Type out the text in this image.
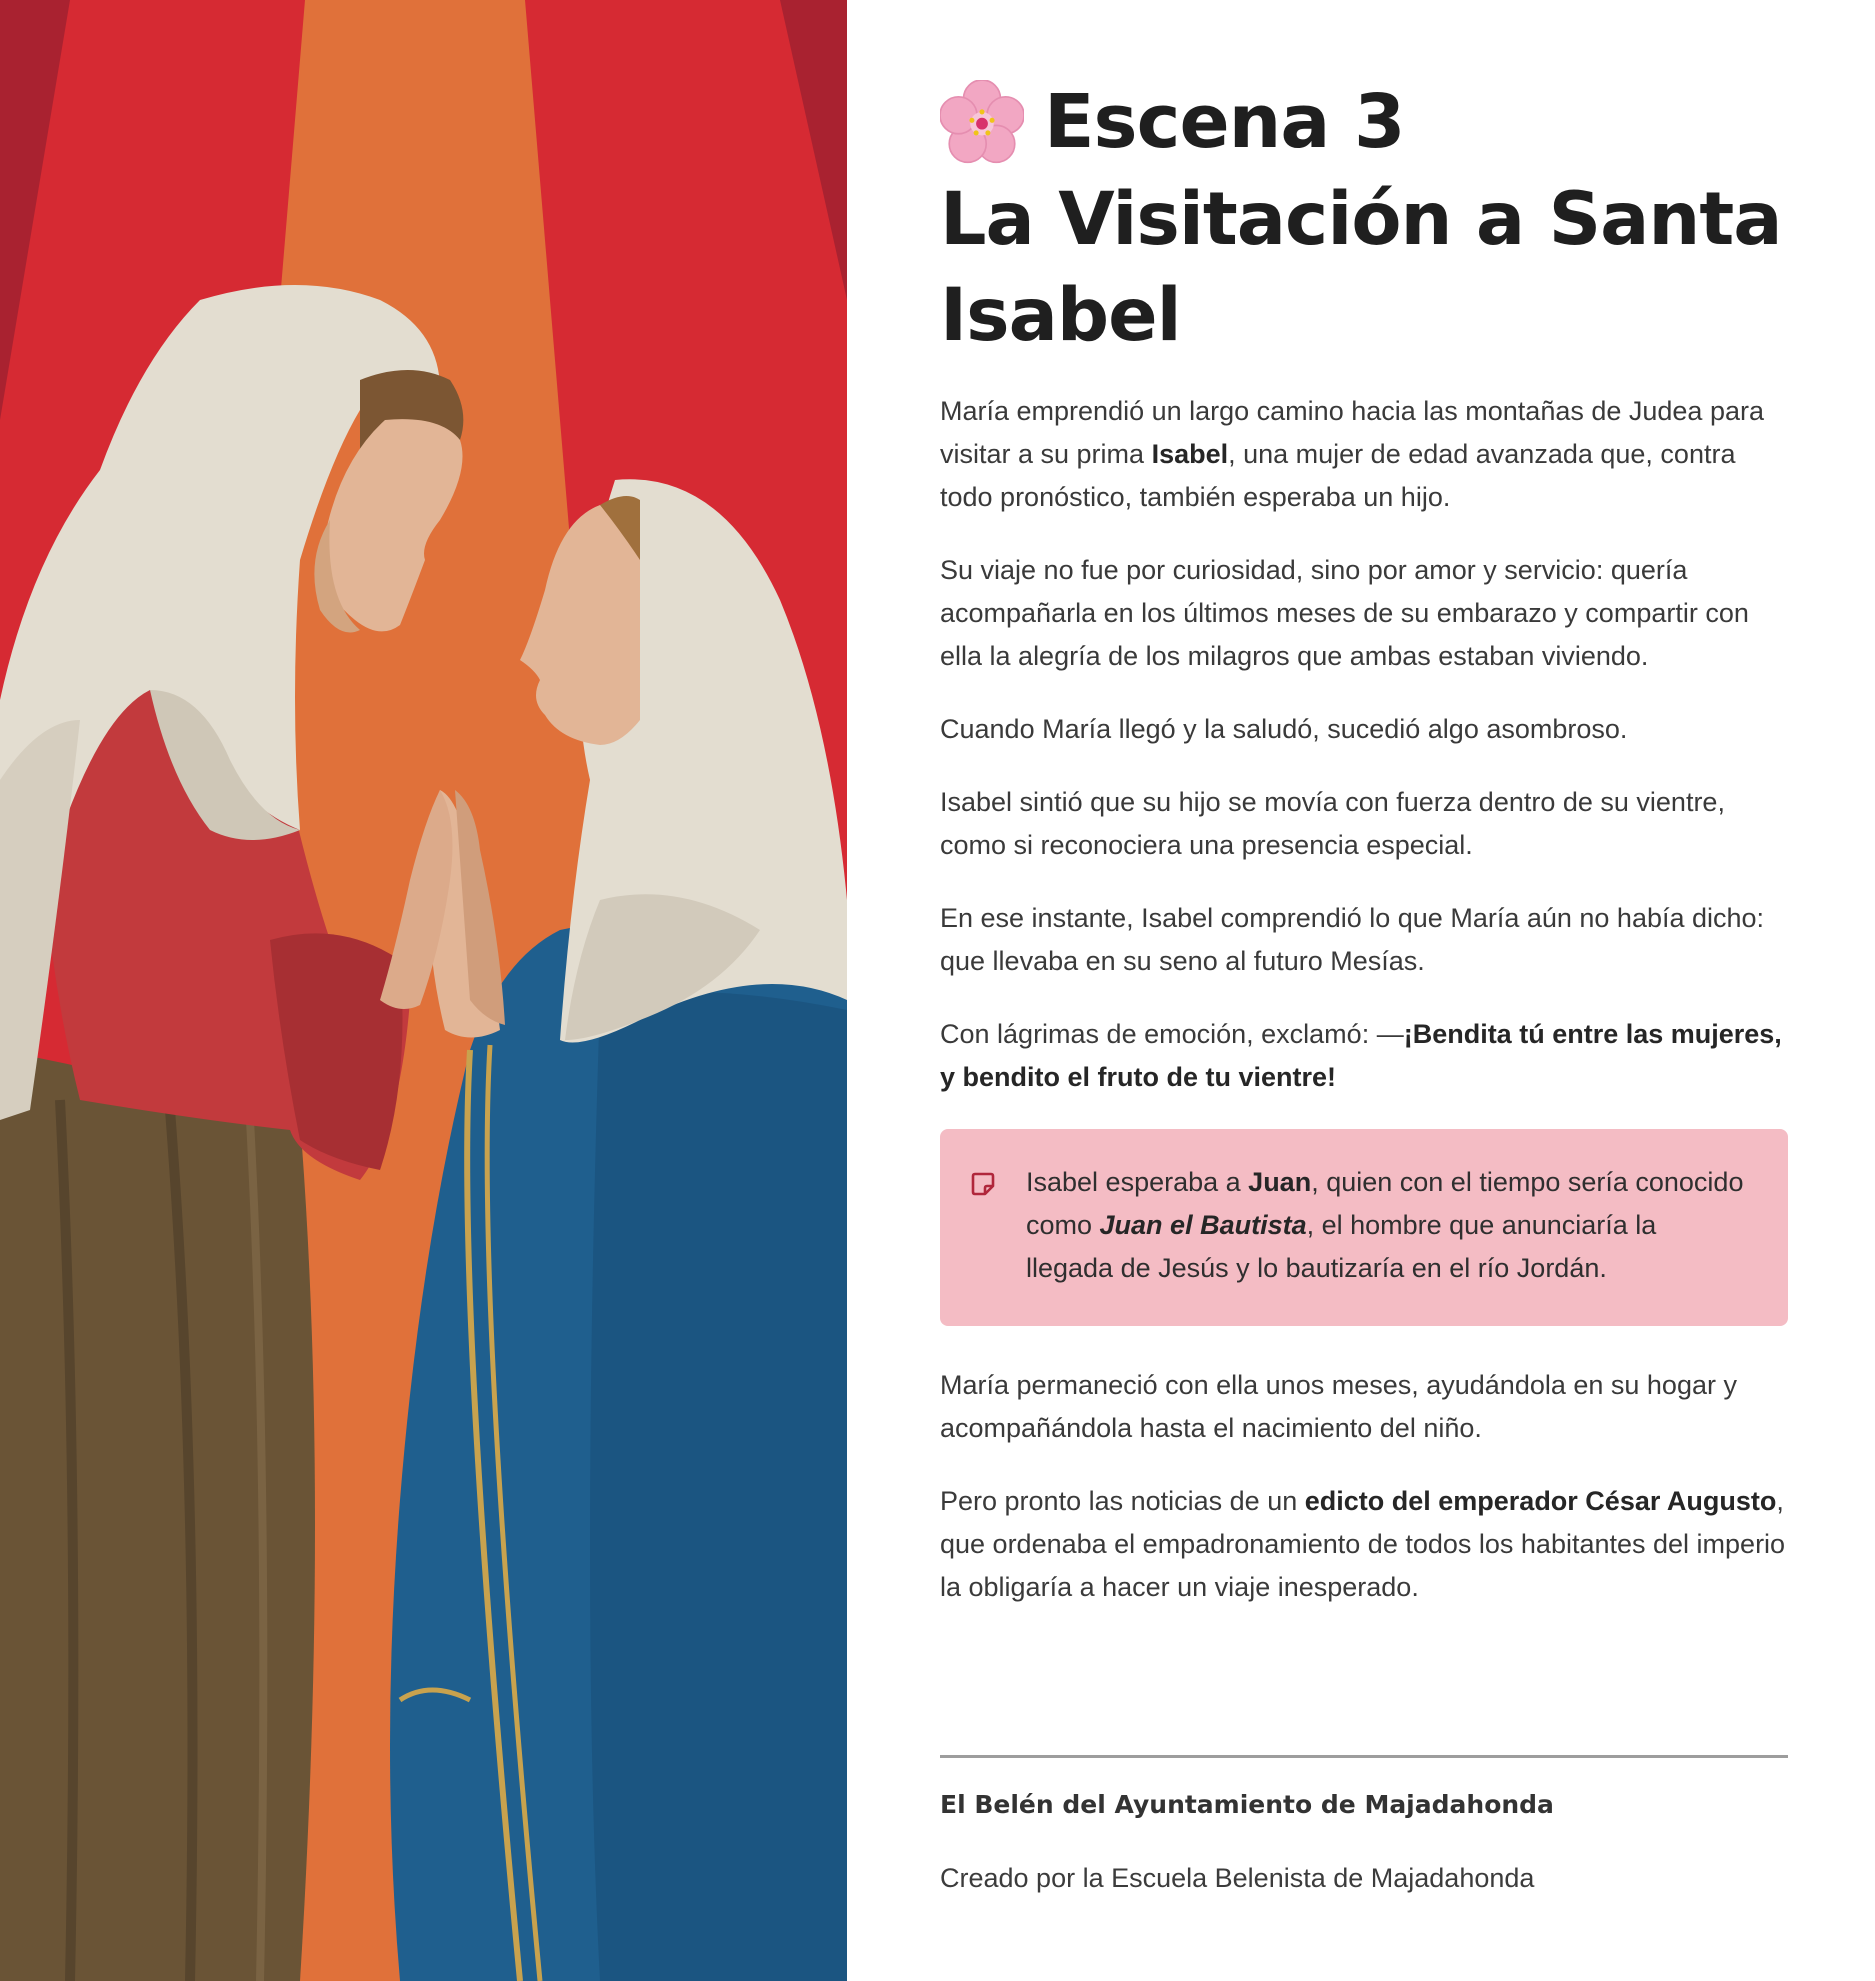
Escena 3
La Visitación a Santa Isabel

María emprendió un largo camino hacia las montañas de Judea para visitar a su prima Isabel, una mujer de edad avanzada que, contra todo pronóstico, también esperaba un hijo.

Su viaje no fue por curiosidad, sino por amor y servicio: quería acompañarla en los últimos meses de su embarazo y compartir con ella la alegría de los milagros que ambas estaban viviendo.

Cuando María llegó y la saludó, sucedió algo asombroso.

Isabel sintió que su hijo se movía con fuerza dentro de su vientre, como si reconociera una presencia especial.

En ese instante, Isabel comprendió lo que María aún no había dicho: que llevaba en su seno al futuro Mesías.

Con lágrimas de emoción, exclamó: —¡Bendita tú entre las mujeres, y bendito el fruto de tu vientre!

Isabel esperaba a Juan, quien con el tiempo sería conocido como Juan el Bautista, el hombre que anunciaría la llegada de Jesús y lo bautizaría en el río Jordán.

María permaneció con ella unos meses, ayudándola en su hogar y acompañándola hasta el nacimiento del niño.

Pero pronto las noticias de un edicto del emperador César Augusto, que ordenaba el empadronamiento de todos los habitantes del imperio la obligaría a hacer un viaje inesperado.

El Belén del Ayuntamiento de Majadahonda
Creado por la Escuela Belenista de Majadahonda
